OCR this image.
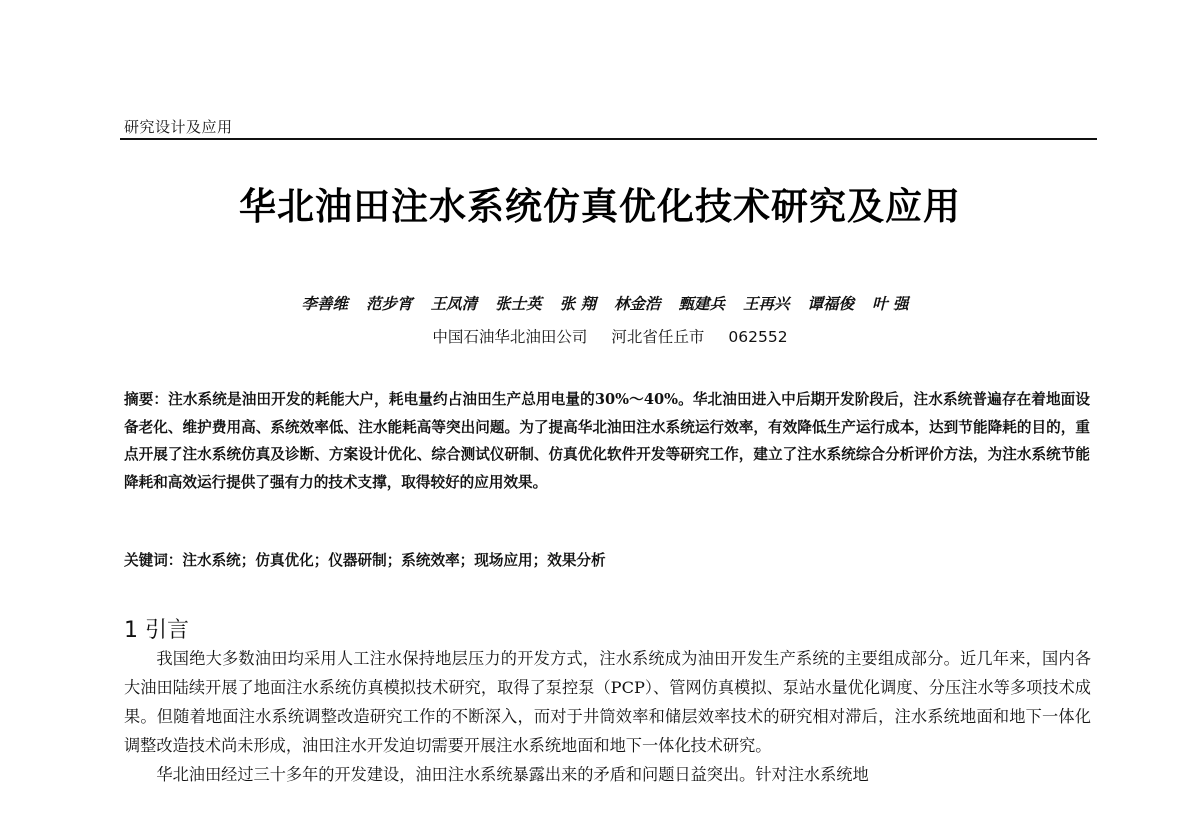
研究设计及应用
华北油田注水系统仿真优化技术研究及应用
李善维 范步宵 王凤清 张士英 张 翔 林金浩 甄建兵 王再兴 谭福俊 叶 强
中国石油华北油田公司 河北省任丘市 062552
摘要：注水系统是油田开发的耗能大户，耗电量约占油田生产总用电量的30%～40%。华北油田进入中后期开发阶段后，注水系统普遍存在着地面设备老化、维护费用高、系统效率低、注水能耗高等突出问题。为了提高华北油田注水系统运行效率，有效降低生产运行成本，达到节能降耗的目的，重点开展了注水系统仿真及诊断、方案设计优化、综合测试仪研制、仿真优化软件开发等研究工作，建立了注水系统综合分析评价方法，为注水系统节能降耗和高效运行提供了强有力的技术支撑，取得较好的应用效果。
关键词：注水系统；仿真优化；仪器研制；系统效率；现场应用；效果分析
1 引言

我国绝大多数油田均采用人工注水保持地层压力的开发方式，注水系统成为油田开发生产系统的主要组成部分。近几年来，国内各大油田陆续开展了地面注水系统仿真模拟技术研究，取得了泵控泵（PCP）、管网仿真模拟、泵站水量优化调度、分压注水等多项技术成果。但随着地面注水系统调整改造研究工作的不断深入，而对于井筒效率和储层效率技术的研究相对滞后，注水系统地面和地下一体化调整改造技术尚未形成，油田注水开发迫切需要开展注水系统地面和地下一体化技术研究。

华北油田经过三十多年的开发建设，油田注水系统暴露出来的矛盾和问题日益突出。针对注水系统地
